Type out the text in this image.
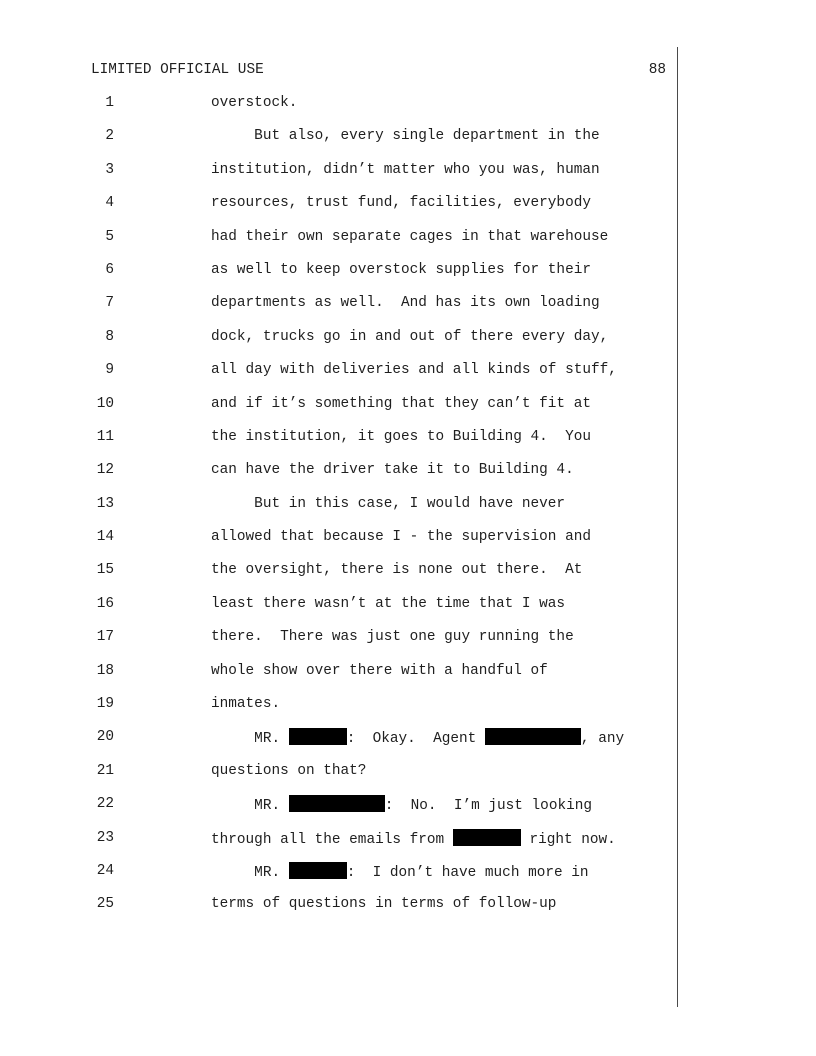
LIMITED OFFICIAL USE	88
1	overstock.
2	But also, every single department in the
3	institution, didn’t matter who you was, human
4	resources, trust fund, facilities, everybody
5	had their own separate cages in that warehouse
6	as well to keep overstock supplies for their
7	departments as well.  And has its own loading
8	dock, trucks go in and out of there every day,
9	all day with deliveries and all kinds of stuff,
10	and if it’s something that they can’t fit at
11	the institution, it goes to Building 4.  You
12	can have the driver take it to Building 4.
13	But in this case, I would have never
14	allowed that because I - the supervision and
15	the oversight, there is none out there.  At
16	least there wasn’t at the time that I was
17	there.  There was just one guy running the
18	whole show over there with a handful of
19	inmates.
20	MR.	:  Okay.  Agent	, any
21	questions on that?
22	MR.	:  No.  I’m just looking
23	through all the emails from	right now.
24	MR.	:  I don’t have much more in
25	terms of questions in terms of follow-up
